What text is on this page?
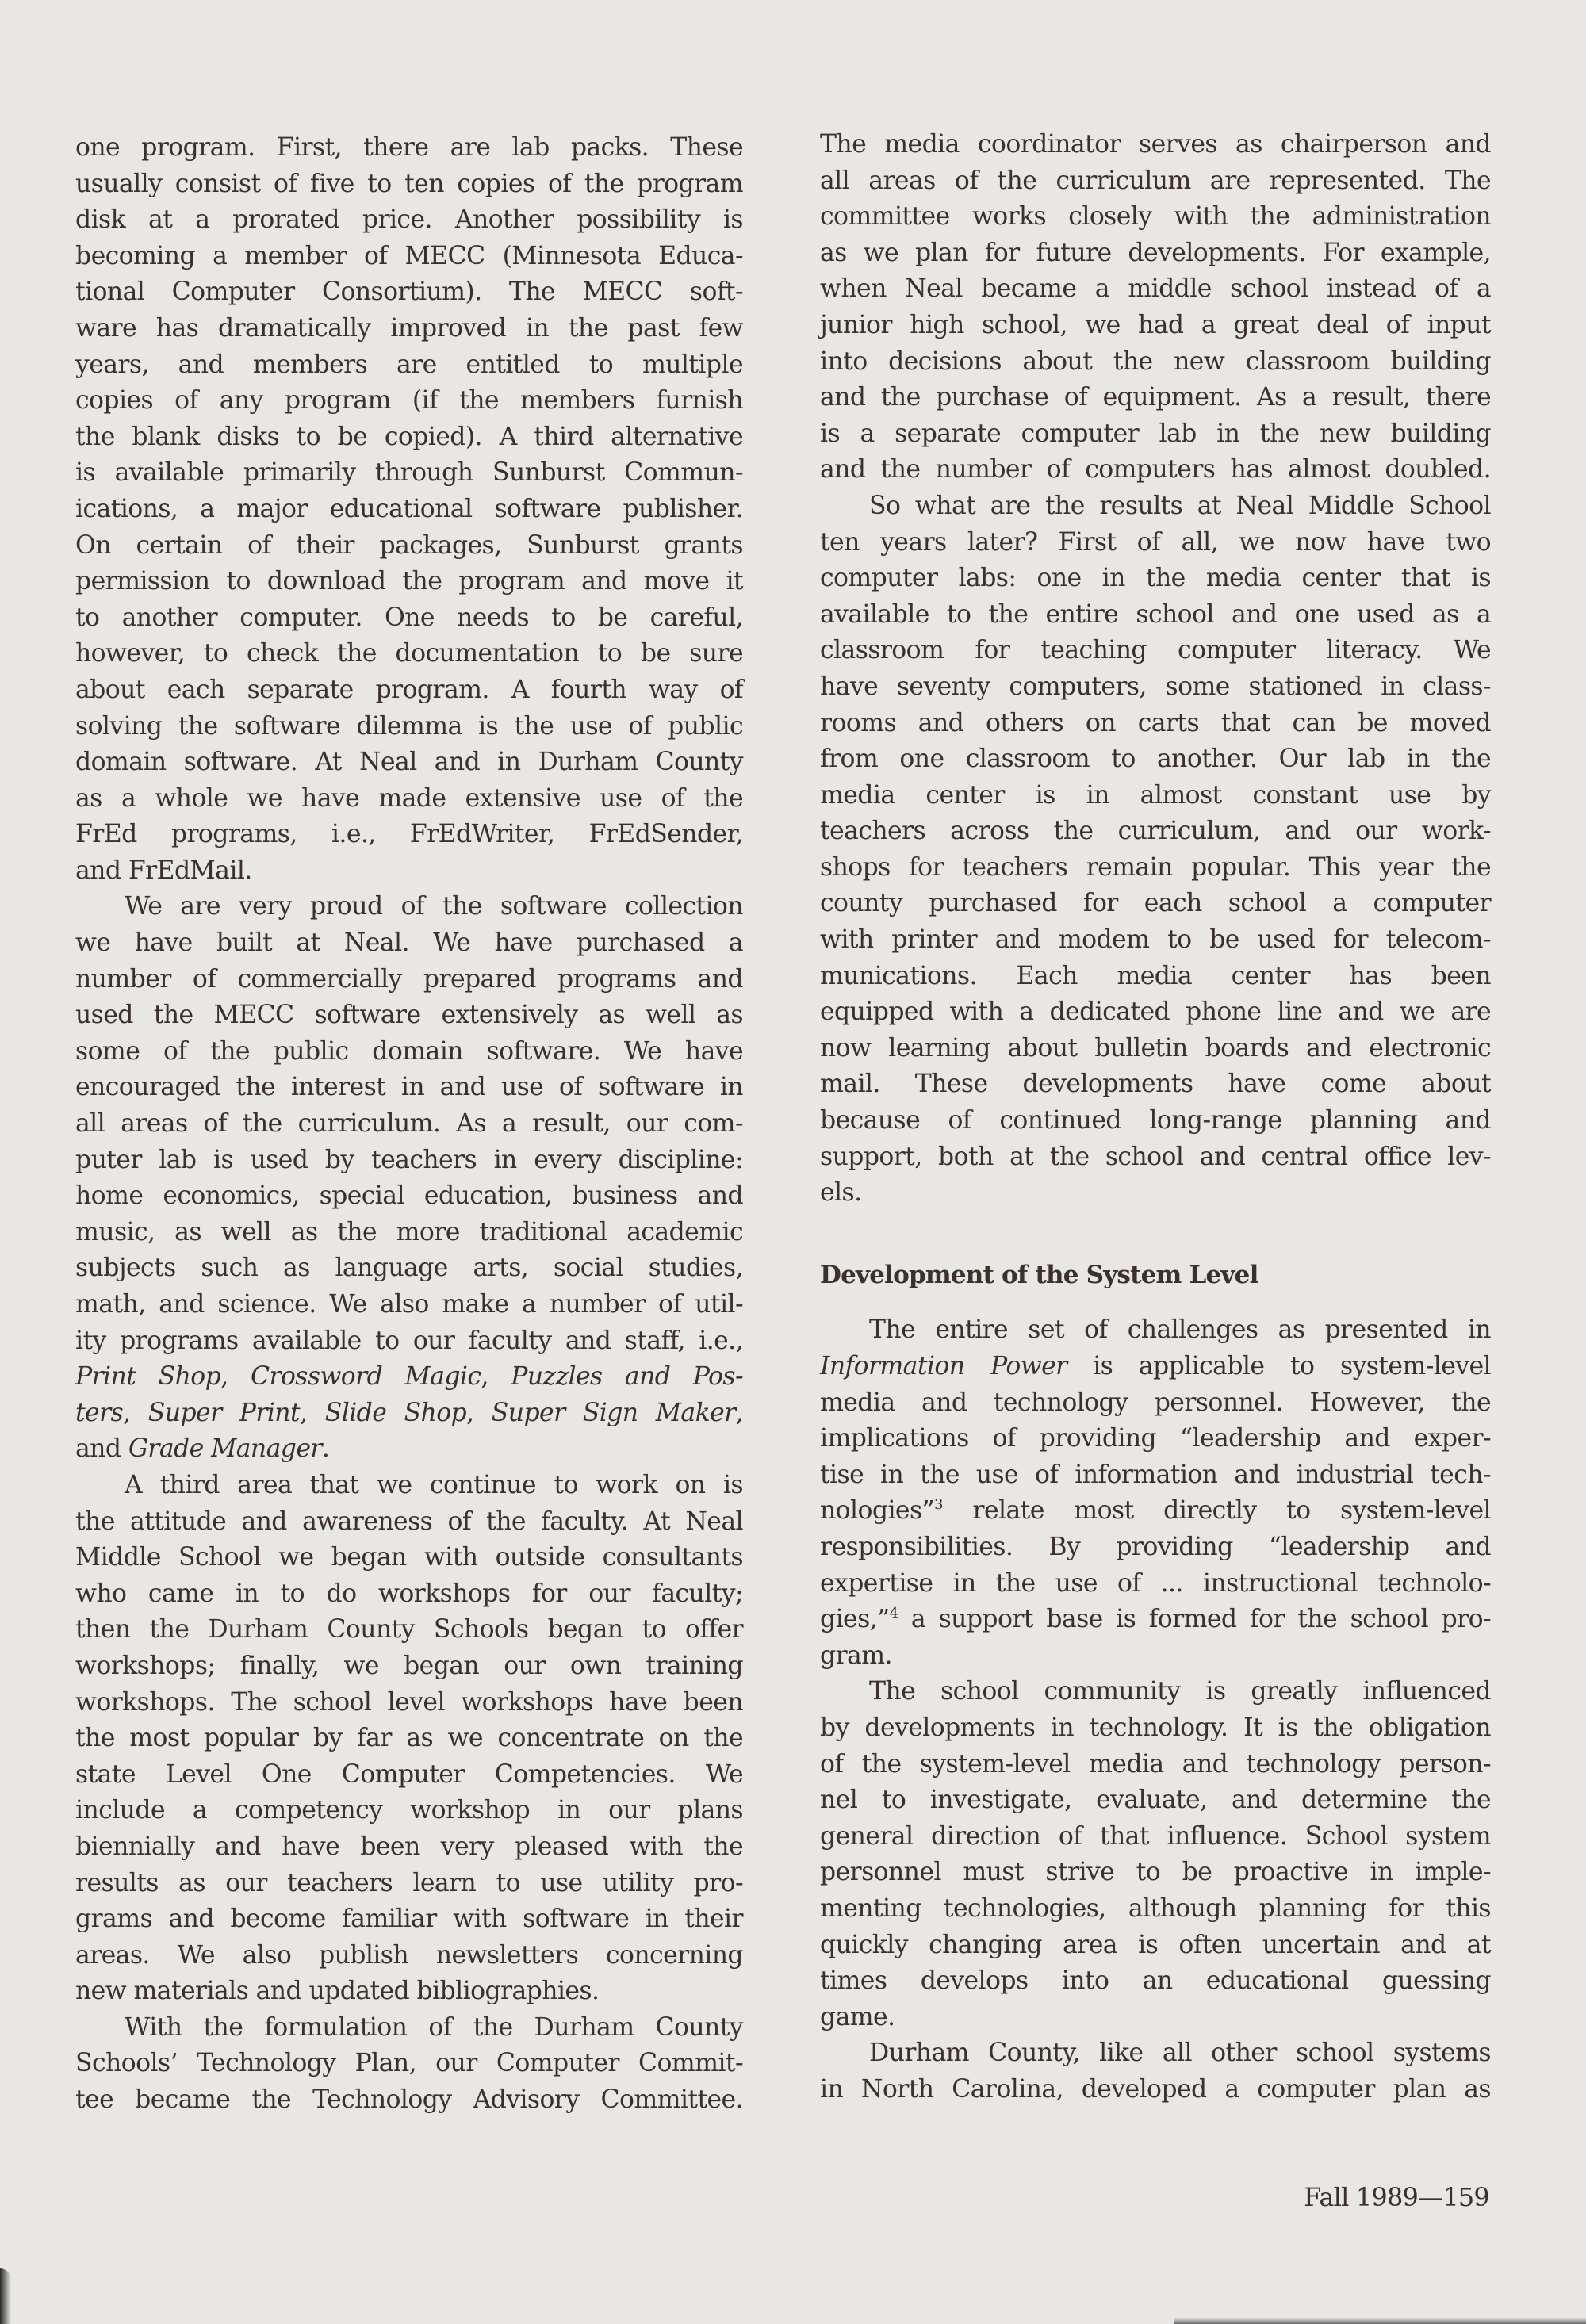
one program. First, there are lab packs. These
usually consist of five to ten copies of the program
disk at a prorated price. Another possibility is
becoming a member of MECC (Minnesota Educa-
tional Computer Consortium). The MECC soft-
ware has dramatically improved in the past few
years, and members are entitled to multiple
copies of any program (if the members furnish
the blank disks to be copied). A third alternative
is available primarily through Sunburst Commun-
ications, a major educational software publisher.
On certain of their packages, Sunburst grants
permission to download the program and move it
to another computer. One needs to be careful,
however, to check the documentation to be sure
about each separate program. A fourth way of
solving the software dilemma is the use of public
domain software. At Neal and in Durham County
as a whole we have made extensive use of the
FrEd programs, i.e., FrEdWriter, FrEdSender,
and FrEdMail.

We are very proud of the software collection
we have built at Neal. We have purchased a
number of commercially prepared programs and
used the MECC software extensively as well as
some of the public domain software. We have
encouraged the interest in and use of software in
all areas of the curriculum. As a result, our com-
puter lab is used by teachers in every discipline:
home economics, special education, business and
music, as well as the more traditional academic
subjects such as language arts, social studies,
math, and science. We also make a number of util-
ity programs available to our faculty and staff, i.e.,
Print Shop, Crossword Magic, Puzzles and Pos-
ters, Super Print, Slide Shop, Super Sign Maker,
and Grade Manager.

A third area that we continue to work on is
the attitude and awareness of the faculty. At Neal
Middle School we began with outside consultants
who came in to do workshops for our faculty;
then the Durham County Schools began to offer
workshops; finally, we began our own training
workshops. The school level workshops have been
the most popular by far as we concentrate on the
state Level One Computer Competencies. We
include a competency workshop in our plans
biennially and have been very pleased with the
results as our teachers learn to use utility pro-
grams and become familiar with software in their
areas. We also publish newsletters concerning
new materials and updated bibliographies.

With the formulation of the Durham County
Schools’ Technology Plan, our Computer Commit-
tee became the Technology Advisory Committee.

The media coordinator serves as chairperson and
all areas of the curriculum are represented. The
committee works closely with the administration
as we plan for future developments. For example,
when Neal became a middle school instead of a
junior high school, we had a great deal of input
into decisions about the new classroom building
and the purchase of equipment. As a result, there
is a separate computer lab in the new building
and the number of computers has almost doubled.

So what are the results at Neal Middle School
ten years later? First of all, we now have two
computer labs: one in the media center that is
available to the entire school and one used as a
classroom for teaching computer literacy. We
have seventy computers, some stationed in class-
rooms and others on carts that can be moved
from one classroom to another. Our lab in the
media center is in almost constant use by
teachers across the curriculum, and our work-
shops for teachers remain popular. This year the
county purchased for each school a computer
with printer and modem to be used for telecom-
munications. Each media center has been
equipped with a dedicated phone line and we are
now learning about bulletin boards and electronic
mail. These developments have come about
because of continued long-range planning and
support, both at the school and central office lev-
els.

Development of the System Level

The entire set of challenges as presented in
Information Power is applicable to system-level
media and technology personnel. However, the
implications of providing “leadership and exper-
tise in the use of information and industrial tech-
nologies”$^3$ relate most directly to system-level
responsibilities. By providing “leadership and
expertise in the use of ... instructional technolo-
gies,”$^4$ a support base is formed for the school pro-
gram.

The school community is greatly influenced
by developments in technology. It is the obligation
of the system-level media and technology person-
nel to investigate, evaluate, and determine the
general direction of that influence. School system
personnel must strive to be proactive in imple-
menting technologies, although planning for this
quickly changing area is often uncertain and at
times develops into an educational guessing
game.

Durham County, like all other school systems
in North Carolina, developed a computer plan as

Fall 1989—159
